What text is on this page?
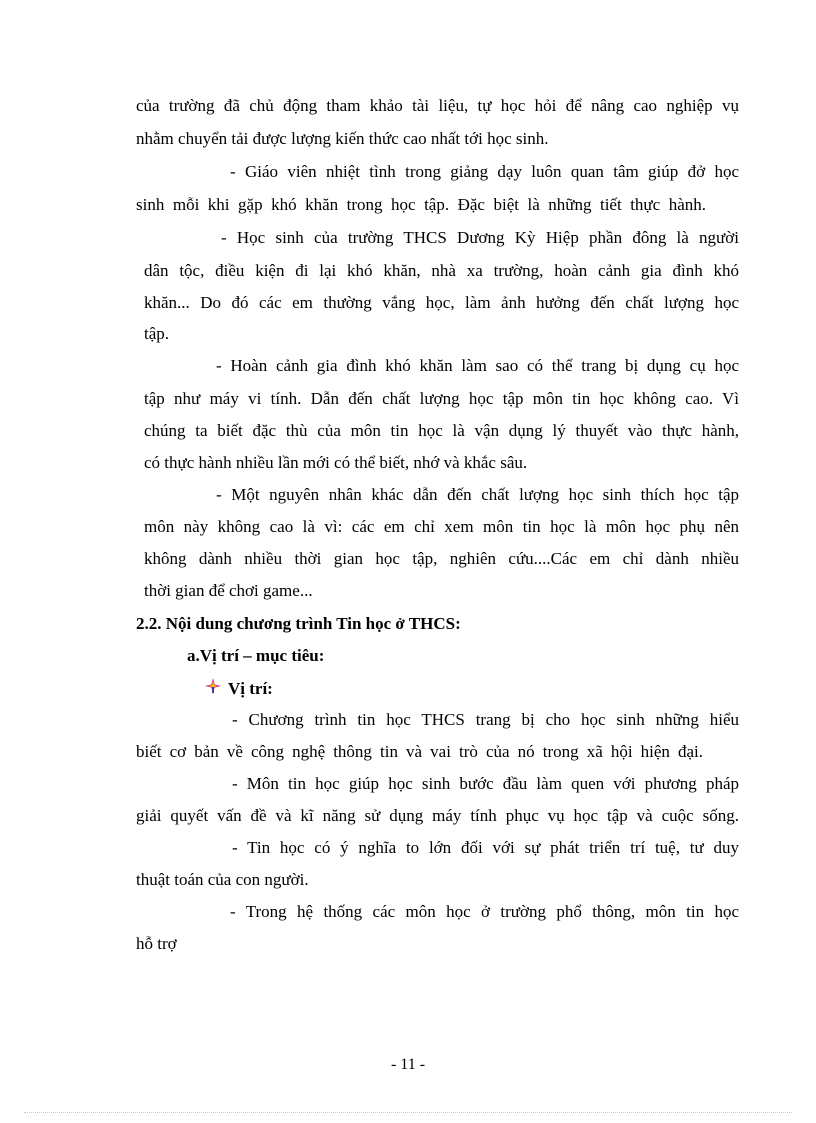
của trường đã chủ động tham khảo tài liệu, tự học hỏi để nâng cao nghiệp vụ
nhằm chuyển tải được lượng kiến thức cao nhất tới học sinh.
- Giáo viên nhiệt tình trong giảng dạy luôn quan tâm giúp đở học
sinh mỗi khi gặp khó khăn trong học tập. Đặc biệt là những tiết thực hành.
- Học sinh của trường THCS Dương Kỳ Hiệp phần đông là người
dân tộc, điều kiện đi lại khó khăn, nhà xa trường, hoàn cảnh gia đình khó
khăn... Do đó các em thường vắng học, làm ảnh hưởng đến chất lượng học
tập.
- Hoàn cảnh gia đình khó khăn làm sao có thể trang bị dụng cụ học
tập như máy vi tính. Dẫn đến chất lượng học tập môn tin học không cao. Vì
chúng ta biết đặc thù của môn tin học là vận dụng lý thuyết vào thực hành,
có thực hành nhiều lần mới có thể biết, nhớ và khắc sâu.
- Một nguyên nhân khác dẫn đến chất lượng học sinh thích học tập
môn này không cao là vì: các em chỉ xem môn tin học là môn học phụ nên
không dành nhiều thời gian học tập, nghiên cứu....Các em chỉ dành nhiều
thời gian để chơi game...
2.2. Nội dung chương trình Tin học ở THCS:
a.Vị trí – mục tiêu:
Vị trí:
- Chương trình tin học THCS trang bị cho học sinh những hiểu
biết cơ bản về công nghệ thông tin và vai trò của nó trong xã hội hiện đại.
- Môn tin học giúp học sinh bước đầu làm quen với phương pháp
giải quyết vấn đề và kĩ năng sử dụng máy tính phục vụ học tập và cuộc sống.
- Tin học có ý nghĩa to lớn đối với sự phát triển trí tuệ, tư duy
thuật toán của con người.
- Trong hệ thống các môn học ở trường phổ thông, môn tin học
hỗ trợ
- 11 -
